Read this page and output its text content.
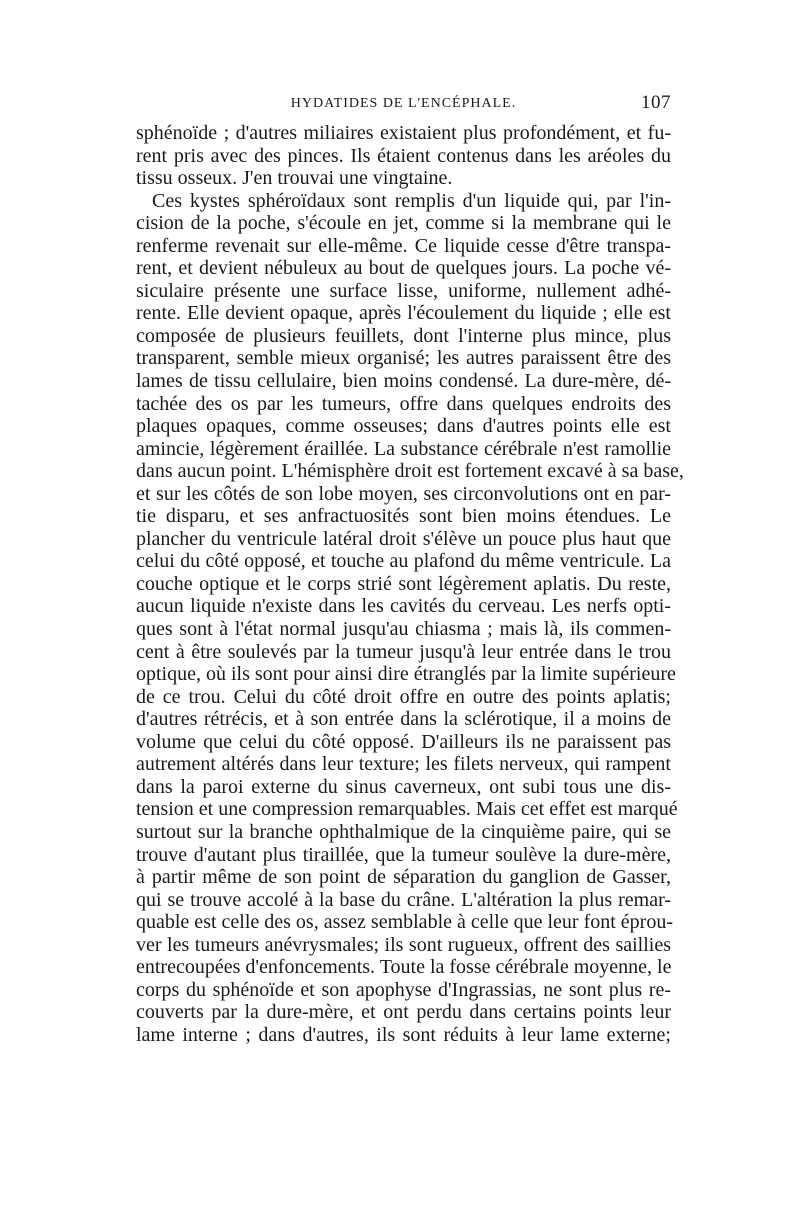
HYDATIDES DE L'ENCÉPHALE.	107
sphénoïde ; d'autres miliaires existaient plus profondément, et fu-
rent pris avec des pinces. Ils étaient contenus dans les aréoles du
tissu osseux. J'en trouvai une vingtaine.
Ces kystes sphéroïdaux sont remplis d'un liquide qui, par l'in-
cision de la poche, s'écoule en jet, comme si la membrane qui le
renferme revenait sur elle-même. Ce liquide cesse d'être transpa-
rent, et devient nébuleux au bout de quelques jours. La poche vé-
siculaire présente une surface lisse, uniforme, nullement adhé-
rente. Elle devient opaque, après l'écoulement du liquide ; elle est
composée de plusieurs feuillets, dont l'interne plus mince, plus
transparent, semble mieux organisé; les autres paraissent être des
lames de tissu cellulaire, bien moins condensé. La dure-mère, dé-
tachée des os par les tumeurs, offre dans quelques endroits des
plaques opaques, comme osseuses; dans d'autres points elle est
amincie, légèrement éraillée. La substance cérébrale n'est ramollie
dans aucun point. L'hémisphère droit est fortement excavé à sa base,
et sur les côtés de son lobe moyen, ses circonvolutions ont en par-
tie disparu, et ses anfractuosités sont bien moins étendues. Le
plancher du ventricule latéral droit s'élève un pouce plus haut que
celui du côté opposé, et touche au plafond du même ventricule. La
couche optique et le corps strié sont légèrement aplatis. Du reste,
aucun liquide n'existe dans les cavités du cerveau. Les nerfs opti-
ques sont à l'état normal jusqu'au chiasma ; mais là, ils commen-
cent à être soulevés par la tumeur jusqu'à leur entrée dans le trou
optique, où ils sont pour ainsi dire étranglés par la limite supérieure
de ce trou. Celui du côté droit offre en outre des points aplatis;
d'autres rétrécis, et à son entrée dans la sclérotique, il a moins de
volume que celui du côté opposé. D'ailleurs ils ne paraissent pas
autrement altérés dans leur texture; les filets nerveux, qui rampent
dans la paroi externe du sinus caverneux, ont subi tous une dis-
tension et une compression remarquables. Mais cet effet est marqué
surtout sur la branche ophthalmique de la cinquième paire, qui se
trouve d'autant plus tiraillée, que la tumeur soulève la dure-mère,
à partir même de son point de séparation du ganglion de Gasser,
qui se trouve accolé à la base du crâne. L'altération la plus remar-
quable est celle des os, assez semblable à celle que leur font éprou-
ver les tumeurs anévrysmales; ils sont rugueux, offrent des saillies
entrecoupées d'enfoncements. Toute la fosse cérébrale moyenne, le
corps du sphénoïde et son apophyse d'Ingrassias, ne sont plus re-
couverts par la dure-mère, et ont perdu dans certains points leur
lame interne ; dans d'autres, ils sont réduits à leur lame externe;
